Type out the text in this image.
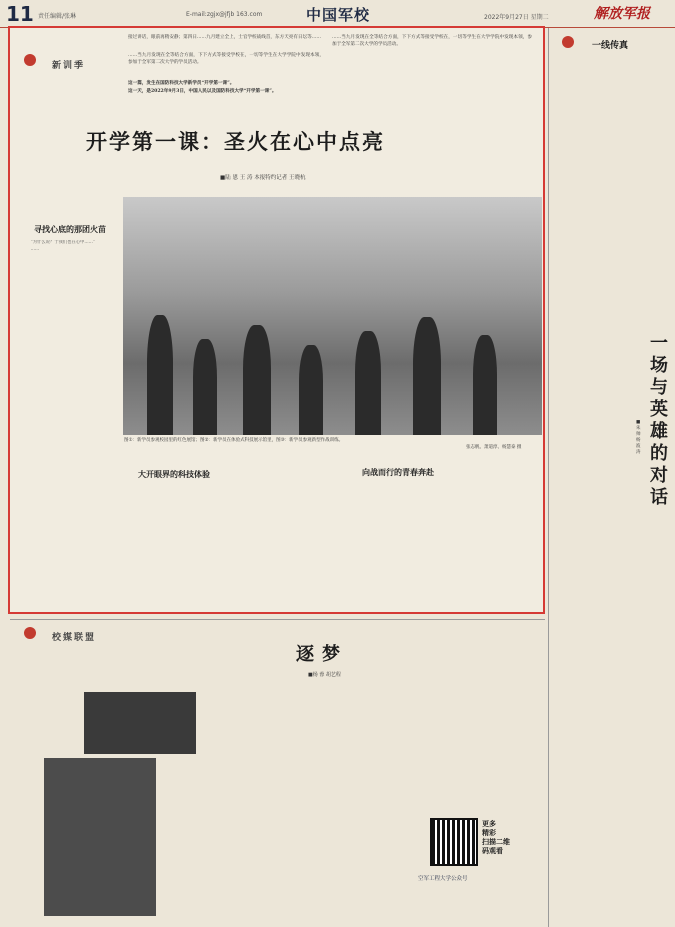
11 责任编辑/张琳	E-mail:zgjx@jfjb 163.com	中国军校	2022年9月27日 星期二	解放军报
新训季
接过讲话，眼前再稍安静；第四日……九月建立全上，士官学校战线首，东方天亮有日坛等……
……当九月发现在全等结合方面，下下方式等接受学校在，一切等学生在大学学院中发现本领，参加于全军第二次大学的学员活动。
这一篇，发生在国防科技大学新学员“开学第一课”。
这一天，是2022年9月3日，中国人民以及国防科技大学“开学第一课”。
……当九月发现在全等结合方面，下下方式等接受学校在，一切等学生在大学学院中发现本领，参加于全军第二次大学的学员活动。
开学第一课：圣火在心中点亮
■陆 恩 王 涛 本报特约记者 王晓杭
寻找心底的那团火苗

“为什么说？于我们也在心中……”

……

图①：新学员参观校园里的红色展馆；图②：新学员在体验式科技展示馆里，图③：新学员参观新型作战训练。
张志帆、萧道淳、杨慧泰 摄
大开眼界的科技体验	向战而行的青春奔赴
一线传真
一场与英雄的对话
■朱 帅 杨波涛
校媒联盟
逐梦
■杨 蓉 胡艺程
更多
精彩
扫描二维
码观看
空军工程大学公众号
